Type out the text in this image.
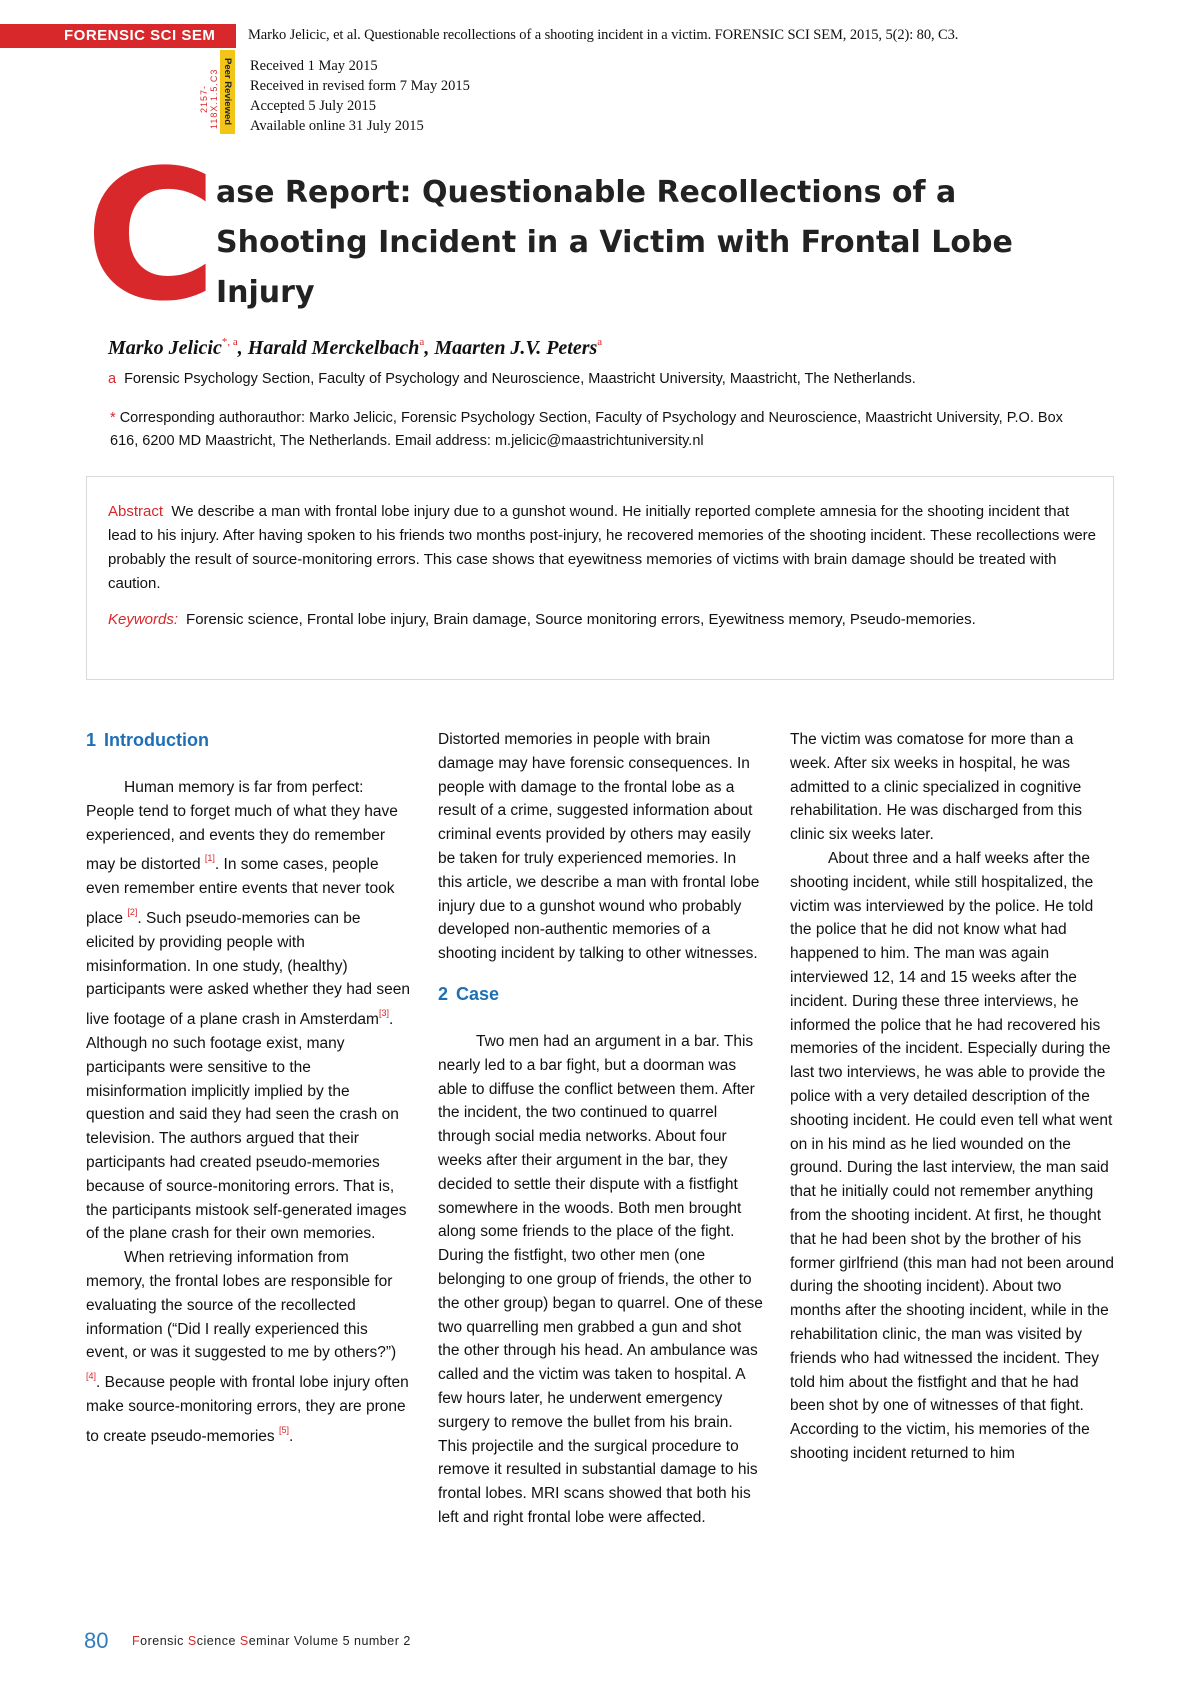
FORENSIC SCI SEM	Marko Jelicic, et al. Questionable recollections of a shooting incident in a victim. FORENSIC SCI SEM, 2015, 5(2): 80, C3.
2157-118X.1.5.C3 Peer Reviewed Received 1 May 2015
Received in revised form 7 May 2015
Accepted 5 July 2015
Available online 31 July 2015
C
ase Report: Questionable Recollections of a Shooting Incident in a Victim with Frontal Lobe Injury
Marko Jelicic$^{*, a}$, Harald Merckelbach$^a$, Maarten J.V. Peters$^a$
a Forensic Psychology Section, Faculty of Psychology and Neuroscience, Maastricht University, Maastricht, The Netherlands.
* Corresponding authorauthor: Marko Jelicic, Forensic Psychology Section, Faculty of Psychology and Neuroscience, Maastricht University, P.O. Box 616, 6200 MD Maastricht, The Netherlands. Email address: m.jelicic@maastrichtuniversity.nl

Abstract We describe a man with frontal lobe injury due to a gunshot wound. He initially reported complete amnesia for the shooting incident that lead to his injury. After having spoken to his friends two months post-injury, he recovered memories of the shooting incident. These recollections were probably the result of source-monitoring errors. This case shows that eyewitness memories of victims with brain damage should be treated with caution.

Keywords: Forensic science, Frontal lobe injury, Brain damage, Source monitoring errors, Eyewitness memory, Pseudo-memories.

1 Introduction

Human memory is far from perfect: People tend to forget much of what they have experienced, and events they do remember may be distorted [1]. In some cases, people even remember entire events that never took place [2]. Such pseudo-memories can be elicited by providing people with misinformation. In one study, (healthy) participants were asked whether they had seen live footage of a plane crash in Amsterdam[3]. Although no such footage exist, many participants were sensitive to the misinformation implicitly implied by the question and said they had seen the crash on television. The authors argued that their participants had created pseudo-memories because of source-monitoring errors. That is, the participants mistook self-generated images of the plane crash for their own memories.

When retrieving information from memory, the frontal lobes are responsible for evaluating the source of the recollected information (“Did I really experienced this event, or was it suggested to me by others?”) [4]. Because people with frontal lobe injury often make source-monitoring errors, they are prone to create pseudo-memories [5].

Distorted memories in people with brain damage may have forensic consequences. In people with damage to the frontal lobe as a result of a crime, suggested information about criminal events provided by others may easily be taken for truly experienced memories. In this article, we describe a man with frontal lobe injury due to a gunshot wound who probably developed non-authentic memories of a shooting incident by talking to other witnesses.

2 Case

Two men had an argument in a bar. This nearly led to a bar fight, but a doorman was able to diffuse the conflict between them. After the incident, the two continued to quarrel through social media networks. About four weeks after their argument in the bar, they decided to settle their dispute with a fistfight somewhere in the woods. Both men brought along some friends to the place of the fight. During the fistfight, two other men (one belonging to one group of friends, the other to the other group) began to quarrel. One of these two quarrelling men grabbed a gun and shot the other through his head. An ambulance was called and the victim was taken to hospital. A few hours later, he underwent emergency surgery to remove the bullet from his brain. This projectile and the surgical procedure to remove it resulted in substantial damage to his frontal lobes. MRI scans showed that both his left and right frontal lobe were affected.

The victim was comatose for more than a week. After six weeks in hospital, he was admitted to a clinic specialized in cognitive rehabilitation. He was discharged from this clinic six weeks later.

About three and a half weeks after the shooting incident, while still hospitalized, the victim was interviewed by the police. He told the police that he did not know what had happened to him. The man was again interviewed 12, 14 and 15 weeks after the incident. During these three interviews, he informed the police that he had recovered his memories of the incident. Especially during the last two interviews, he was able to provide the police with a very detailed description of the shooting incident. He could even tell what went on in his mind as he lied wounded on the ground. During the last interview, the man said that he initially could not remember anything from the shooting incident. At first, he thought that he had been shot by the brother of his former girlfriend (this man had not been around during the shooting incident). About two months after the shooting incident, while in the rehabilitation clinic, the man was visited by friends who had witnessed the incident. They told him about the fistfight and that he had been shot by one of witnesses of that fight. According to the victim, his memories of the shooting incident returned to him

80 Forensic Science Seminar Volume 5 number 2
